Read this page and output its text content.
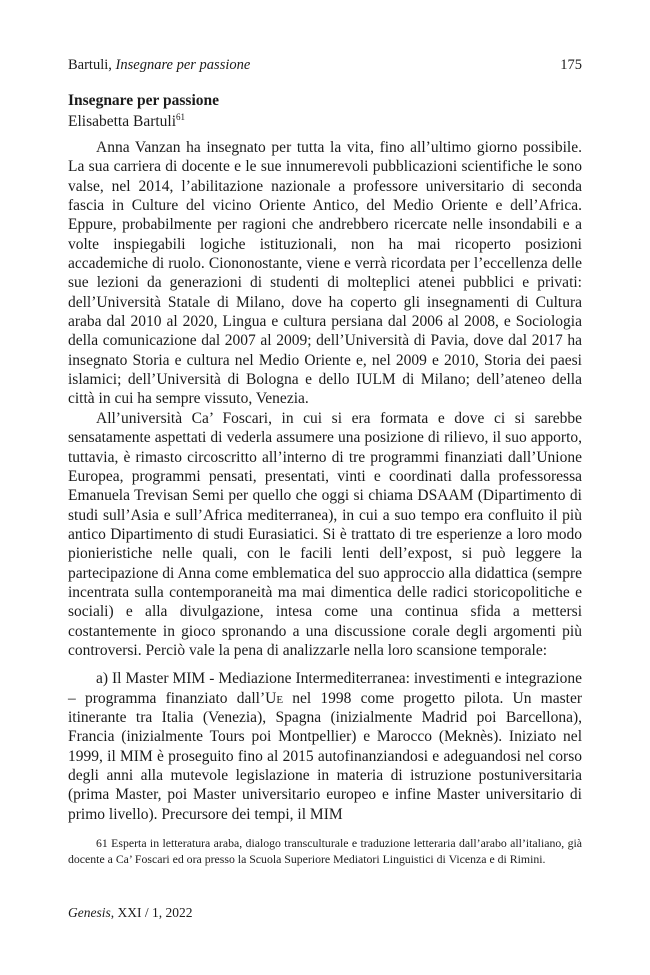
Bartuli, Insegnare per passione	175
Insegnare per passione

Elisabetta Bartuli$^{61}$

Anna Vanzan ha insegnato per tutta la vita, fino all’ultimo giorno possibile. La sua carriera di docente e le sue innumerevoli pubblicazioni scientifiche le sono valse, nel 2014, l’abilitazione nazionale a professore universitario di seconda fascia in Culture del vicino Oriente Antico, del Medio Oriente e dell’Africa. Eppure, probabilmente per ragioni che andrebbero ricercate nelle insondabili e a volte inspiegabili logiche istituzionali, non ha mai ricoperto posizioni accademiche di ruolo. Ciononostante, viene e verrà ricordata per l’eccellenza delle sue lezioni da generazioni di studenti di molteplici atenei pubblici e privati: dell’Università Statale di Milano, dove ha coperto gli insegnamenti di Cultura araba dal 2010 al 2020, Lingua e cultura persiana dal 2006 al 2008, e Sociologia della comunicazione dal 2007 al 2009; dell’Università di Pavia, dove dal 2017 ha insegnato Storia e cultura nel Medio Oriente e, nel 2009 e 2010, Storia dei paesi islamici; dell’Università di Bologna e dello IULM di Milano; dell’ateneo della città in cui ha sempre vissuto, Venezia.

All’università Ca’ Foscari, in cui si era formata e dove ci si sarebbe sensatamente aspettati di vederla assumere una posizione di rilievo, il suo apporto, tuttavia, è rimasto circoscritto all’interno di tre programmi finanziati dall’Unione Europea, programmi pensati, presentati, vinti e coordinati dalla professoressa Emanuela Trevisan Semi per quello che oggi si chiama DSAAM (Dipartimento di studi sull’Asia e sull’Africa mediterranea), in cui a suo tempo era confluito il più antico Dipartimento di studi Eurasiatici. Si è trattato di tre esperienze a loro modo pionieristiche nelle quali, con le facili lenti dell’expost, si può leggere la partecipazione di Anna come emblematica del suo approccio alla didattica (sempre incentrata sulla contemporaneità ma mai dimentica delle radici storicopolitiche e sociali) e alla divulgazione, intesa come una continua sfida a mettersi costantemente in gioco spronando a una discussione corale degli argomenti più controversi. Perciò vale la pena di analizzarle nella loro scansione temporale:

a) Il Master MIM - Mediazione Intermediterranea: investimenti e integrazione – programma finanziato dall’Ue nel 1998 come progetto pilota. Un master itinerante tra Italia (Venezia), Spagna (inizialmente Madrid poi Barcellona), Francia (inizialmente Tours poi Montpellier) e Marocco (Meknès). Iniziato nel 1999, il MIM è proseguito fino al 2015 autofinanziandosi e adeguandosi nel corso degli anni alla mutevole legislazione in materia di istruzione postuniversitaria (prima Master, poi Master universitario europeo e infine Master universitario di primo livello). Precursore dei tempi, il MIM

61 Esperta in letteratura araba, dialogo transculturale e traduzione letteraria dall’arabo all’italiano, già docente a Ca’ Foscari ed ora presso la Scuola Superiore Mediatori Linguistici di Vicenza e di Rimini.

Genesis, XXI / 1, 2022
